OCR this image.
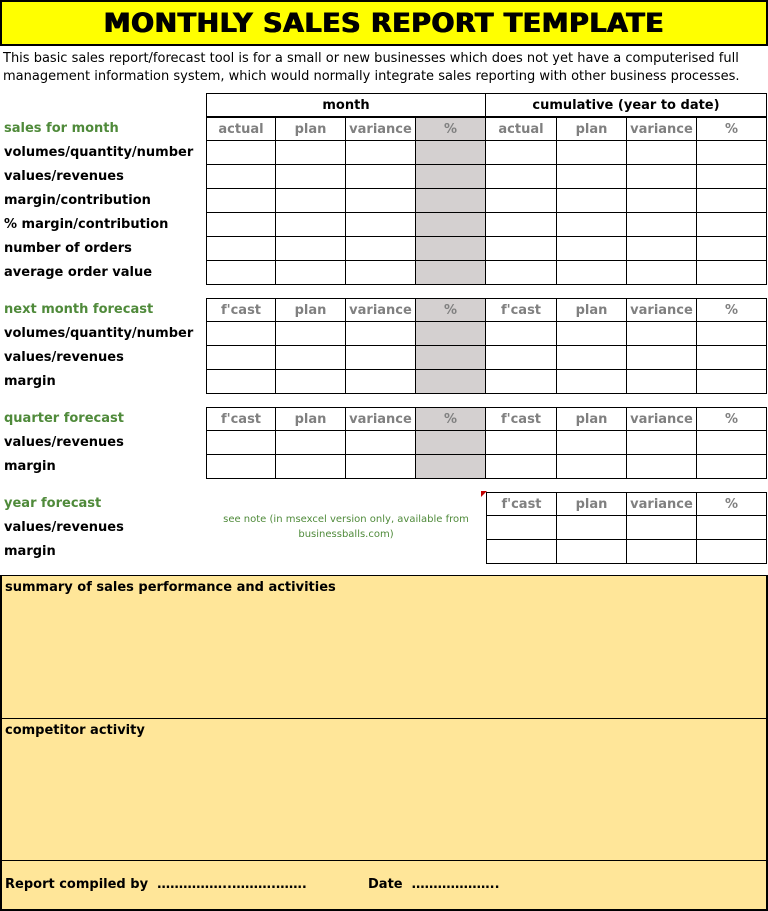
MONTHLY SALES REPORT TEMPLATE
This basic sales report/forecast tool is for a small or new businesses which does not yet have a computerised full management information system, which would normally integrate sales reporting with other business processes.
month	cumulative (year to date)
sales for month	actual	plan	variance	%	actual	plan	variance	%
volumes/quantity/number
values/revenues
margin/contribution
% margin/contribution
number of orders
average order value
next month forecast	f'cast	plan	variance	%	f'cast	plan	variance	%
volumes/quantity/number
values/revenues
margin
quarter forecast	f'cast	plan	variance	%	f'cast	plan	variance	%
values/revenues
margin
year forecast	f'cast	plan	variance	%
values/revenues
margin
see note (in msexcel version only, available from businessballs.com)
summary of sales performance and activities
competitor activity
Report compiled by ……………..……….…….	Date ………………..
